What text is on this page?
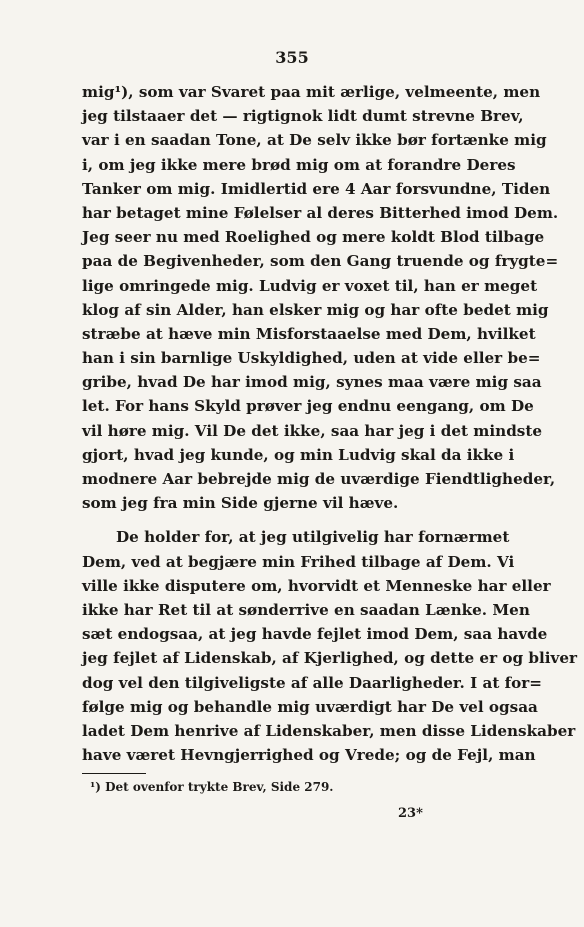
355
mig¹), som var Svaret paa mit ærlige, velmeente, men
jeg tilstaaer det — rigtignok lidt dumt strevne Brev,
var i en saadan Tone, at De selv ikke bør fortænke mig
i, om jeg ikke mere brød mig om at forandre Deres
Tanker om mig. Imidlertid ere 4 Aar forsvundne, Tiden
har betaget mine Følelser al deres Bitterhed imod Dem.
Jeg seer nu med Roelighed og mere koldt Blod tilbage
paa de Begivenheder, som den Gang truende og frygte=
lige omringede mig. Ludvig er voxet til, han er meget
klog af sin Alder, han elsker mig og har ofte bedet mig
stræbe at hæve min Misforstaaelse med Dem, hvilket
han i sin barnlige Uskyldighed, uden at vide eller be=
gribe, hvad De har imod mig, synes maa være mig saa
let. For hans Skyld prøver jeg endnu eengang, om De
vil høre mig. Vil De det ikke, saa har jeg i det mindste
gjort, hvad jeg kunde, og min Ludvig skal da ikke i
modnere Aar bebrejde mig de uværdige Fiendtligheder,
som jeg fra min Side gjerne vil hæve.
De holder for, at jeg utilgivelig har fornærmet
Dem, ved at begjære min Frihed tilbage af Dem. Vi
ville ikke disputere om, hvorvidt et Menneske har eller
ikke har Ret til at sønderrive en saadan Lænke. Men
sæt endogsaa, at jeg havde fejlet imod Dem, saa havde
jeg fejlet af Lidenskab, af Kjerlighed, og dette er og bliver
dog vel den tilgiveligste af alle Daarligheder. I at for=
følge mig og behandle mig uværdigt har De vel ogsaa
ladet Dem henrive af Lidenskaber, men disse Lidenskaber
have været Hevngjerrighed og Vrede; og de Fejl, man
¹) Det ovenfor trykte Brev, Side 279.
23*
